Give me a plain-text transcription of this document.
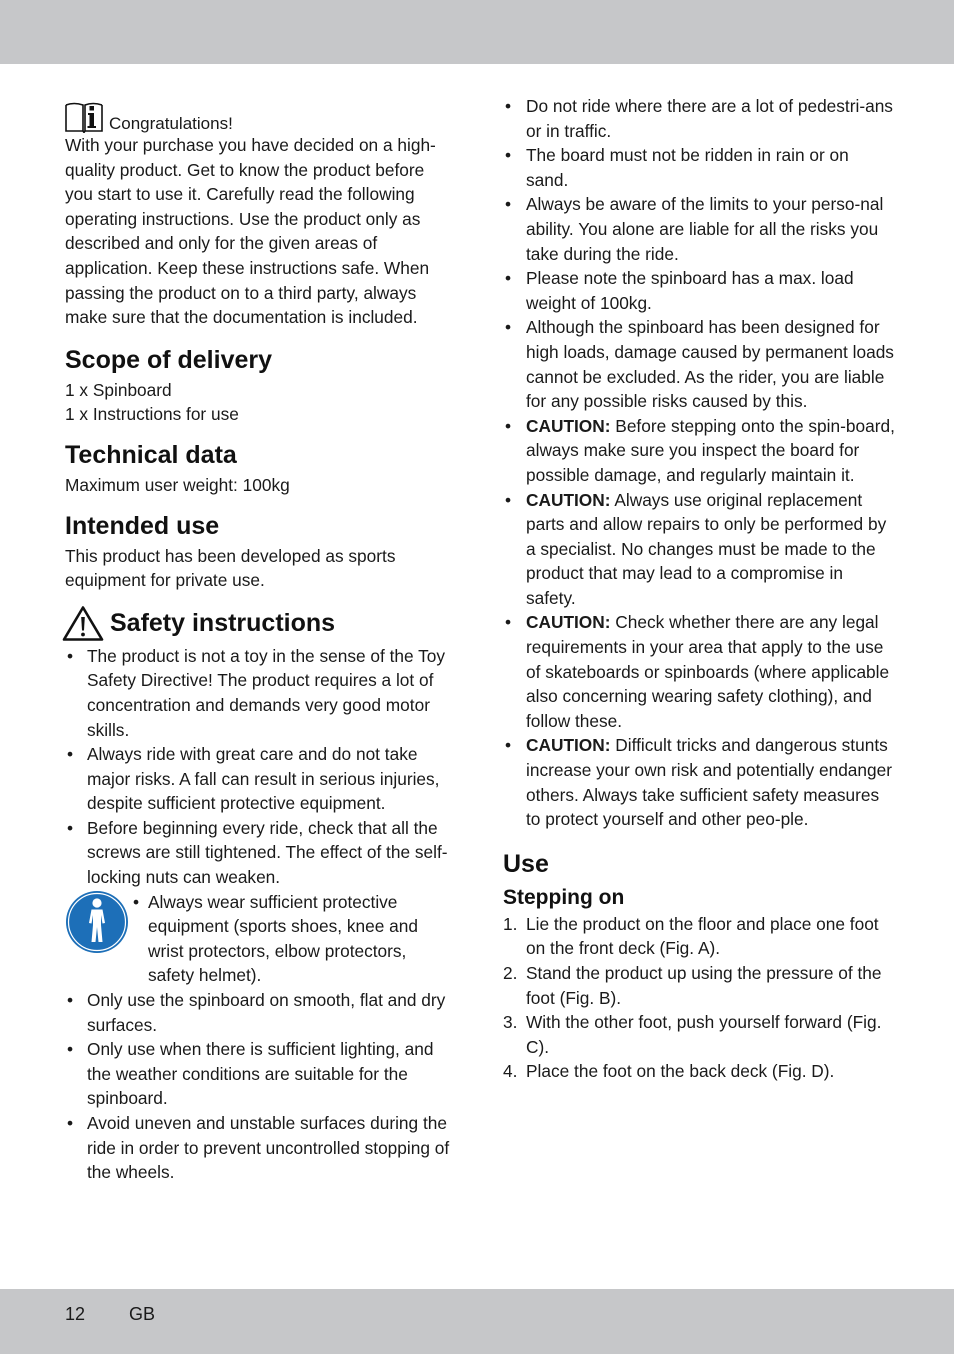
Congratulations!

With your purchase you have decided on a high-quality product. Get to know the product before you start to use it. Carefully read the following operating instructions. Use the product only as described and only for the given areas of application. Keep these instructions safe. When passing the product on to a third party, always make sure that the documentation is included.

Scope of delivery

1 x Spinboard

1 x Instructions for use

Technical data

Maximum user weight: 100kg

Intended use

This product has been developed as sports equipment for private use.

Safety instructions
• The product is not a toy in the sense of the Toy Safety Directive! The product requires a lot of concentration and demands very good motor skills.
• Always ride with great care and do not take major risks. A fall can result in serious injuries, despite sufficient protective equipment.
• Before beginning every ride, check that all the screws are still tightened. The effect of the self-locking nuts can weaken.
• Always wear sufficient protective equipment (sports shoes, knee and wrist protectors, elbow protectors, safety helmet).
• Only use the spinboard on smooth, flat and dry surfaces.
• Only use when there is sufficient lighting, and the weather conditions are suitable for the spinboard.
• Avoid uneven and unstable surfaces during the ride in order to prevent uncontrolled stopping of the wheels.
• Do not ride where there are a lot of pedestri-ans or in traffic.
• The board must not be ridden in rain or on sand.
• Always be aware of the limits to your perso-nal ability. You alone are liable for all the risks you take during the ride.
• Please note the spinboard has a max. load weight of 100kg.
• Although the spinboard has been designed for high loads, damage caused by permanent loads cannot be excluded. As the rider, you are liable for any possible risks caused by this.
• CAUTION: Before stepping onto the spin-board, always make sure you inspect the board for possible damage, and regularly maintain it.
• CAUTION: Always use original replacement parts and allow repairs to only be performed by a specialist. No changes must be made to the product that may lead to a compromise in safety.
• CAUTION: Check whether there are any legal requirements in your area that apply to the use of skateboards or spinboards (where applicable also concerning wearing safety clothing), and follow these.
• CAUTION: Difficult tricks and dangerous stunts increase your own risk and potentially endanger others. Always take sufficient safety measures to protect yourself and other peo-ple.
Use
Stepping on
1. Lie the product on the floor and place one foot on the front deck (Fig. A).
2. Stand the product up using the pressure of the foot (Fig. B).
3. With the other foot, push yourself forward (Fig. C).
4. Place the foot on the back deck (Fig. D).
12 GB
